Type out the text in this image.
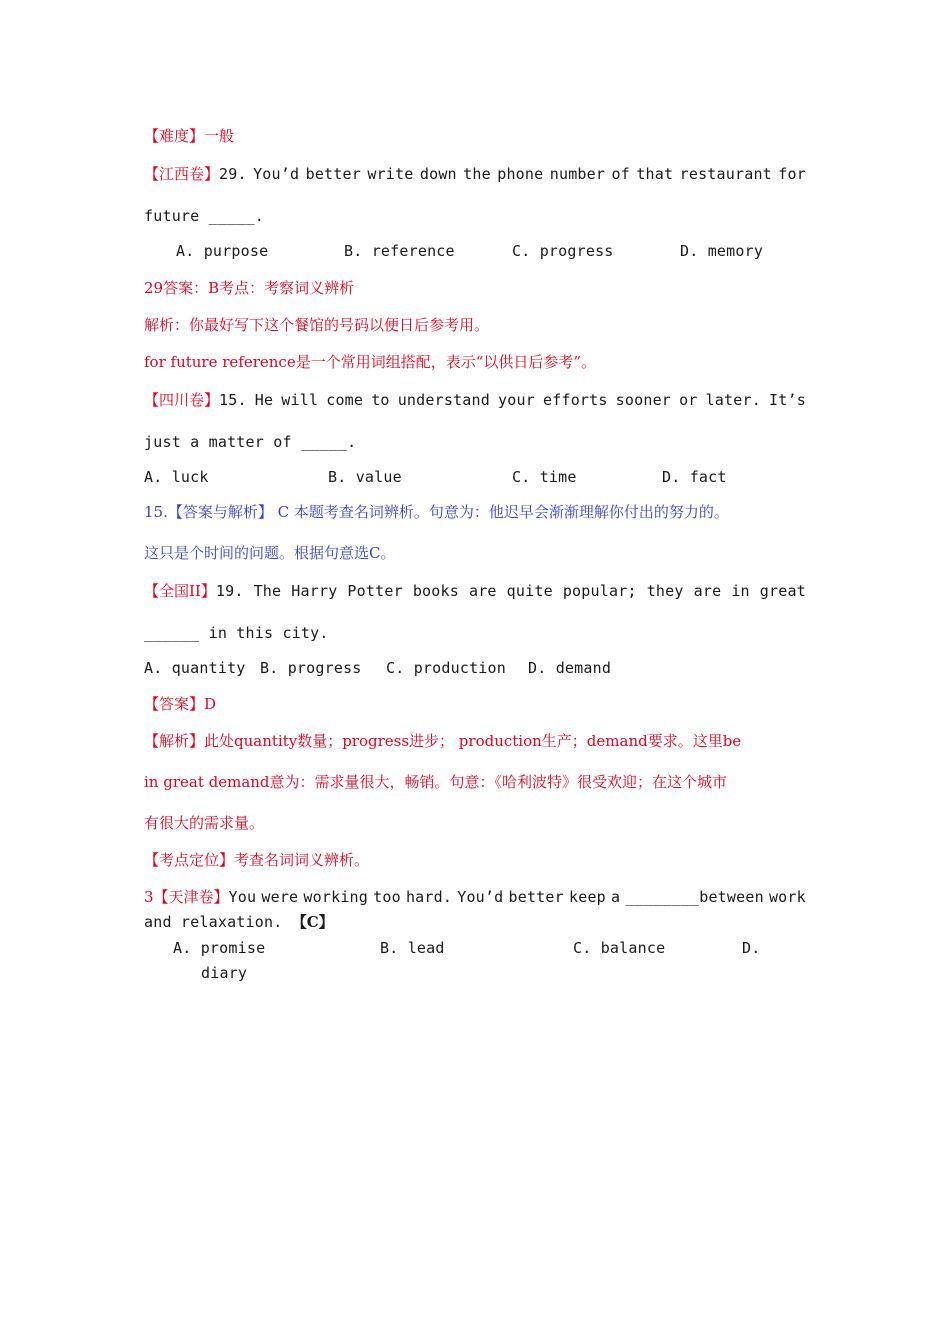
【难度】一般
【江西卷】29. You’d better write down the phone number of that restaurant for
future _____.
A. purpose	B. reference	C. progress	D. memory
29答案：B考点：考察词义辨析
解析：你最好写下这个餐馆的号码以便日后参考用。
for future reference是一个常用词组搭配，表示“以供日后参考”。
【四川卷】15. He will come to understand your efforts sooner or later. It’s
just a matter of _____.
A. luck	B. value	C. time	D. fact
15.【答案与解析】 C 本题考查名词辨析。句意为：他迟早会渐渐理解你付出的努力的。
这只是个时间的问题。根据句意选C。
【全国II】19. The Harry Potter books are quite popular; they are in great
______ in this city.
A. quantity B. progress C. production D. demand
【答案】D
【解析】此处quantity数量；progress进步； production生产；demand要求。这里be
in great demand意为：需求量很大，畅销。句意：《哈利波特》很受欢迎；在这个城市
有很大的需求量。
【考点定位】考查名词词义辨析。
3【天津卷】You were working too hard. You’d better keep a ________between work
and relaxation. 【C】
A. promise	B. lead	C. balance	D.
diary
